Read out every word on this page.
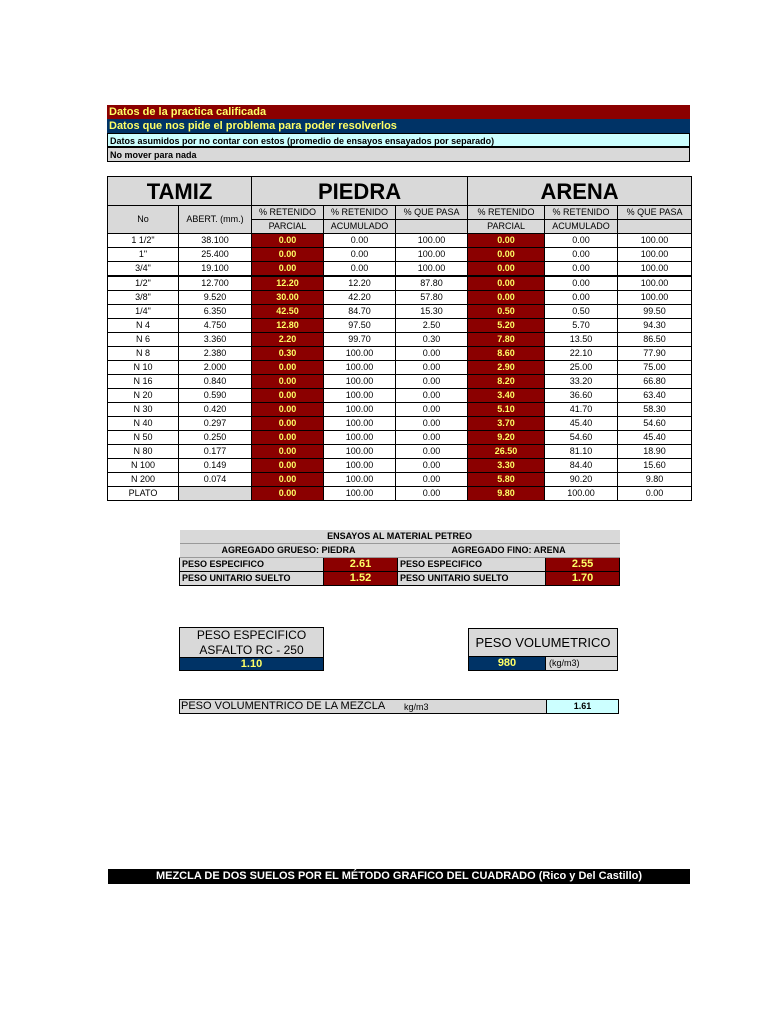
Datos de la practica calificada
Datos que nos pide el problema para poder resolverlos
Datos asumidos por no contar con estos (promedio de ensayos ensayados por separado)
No mover para nada
TAMIZ		PIEDRA			ARENA		
No	ABERT. (mm.)	% RETENIDO	% RETENIDO	% QUE PASA	% RETENIDO	% RETENIDO	% QUE PASA
		PARCIAL	ACUMULADO		PARCIAL	ACUMULADO	
1 1/2"	38.100	0.00	0.00	100.00	0.00	0.00	100.00
1"	25.400	0.00	0.00	100.00	0.00	0.00	100.00
3/4"	19.100	0.00	0.00	100.00	0.00	0.00	100.00
1/2"	12.700	12.20	12.20	87.80	0.00	0.00	100.00
3/8"	9.520	30.00	42.20	57.80	0.00	0.00	100.00
1/4"	6.350	42.50	84.70	15.30	0.50	0.50	99.50
N 4	4.750	12.80	97.50	2.50	5.20	5.70	94.30
N 6	3.360	2.20	99.70	0.30	7.80	13.50	86.50
N 8	2.380	0.30	100.00	0.00	8.60	22.10	77.90
N 10	2.000	0.00	100.00	0.00	2.90	25.00	75.00
N 16	0.840	0.00	100.00	0.00	8.20	33.20	66.80
N 20	0.590	0.00	100.00	0.00	3.40	36.60	63.40
N 30	0.420	0.00	100.00	0.00	5.10	41.70	58.30
N 40	0.297	0.00	100.00	0.00	3.70	45.40	54.60
N 50	0.250	0.00	100.00	0.00	9.20	54.60	45.40
N 80	0.177	0.00	100.00	0.00	26.50	81.10	18.90
N 100	0.149	0.00	100.00	0.00	3.30	84.40	15.60
N 200	0.074	0.00	100.00	0.00	5.80	90.20	9.80
PLATO		0.00	100.00	0.00	9.80	100.00	0.00
ENSAYOS AL MATERIAL PETREO			
AGREGADO GRUESO: PIEDRA		AGREGADO FINO: ARENA	
PESO ESPECIFICO	2.61	PESO ESPECIFICO	2.55
PESO UNITARIO SUELTO	1.52	PESO UNITARIO SUELTO	1.70
PESO ESPECIFICO
ASFALTO RC - 250
1.10
PESO VOLUMETRICO
980	(kg/m3)
PESO VOLUMENTRICO DE LA MEZCLA kg/m3	1.61
MEZCLA DE DOS SUELOS POR EL MÉTODO GRAFICO DEL CUADRADO (Rico y Del Castillo)
